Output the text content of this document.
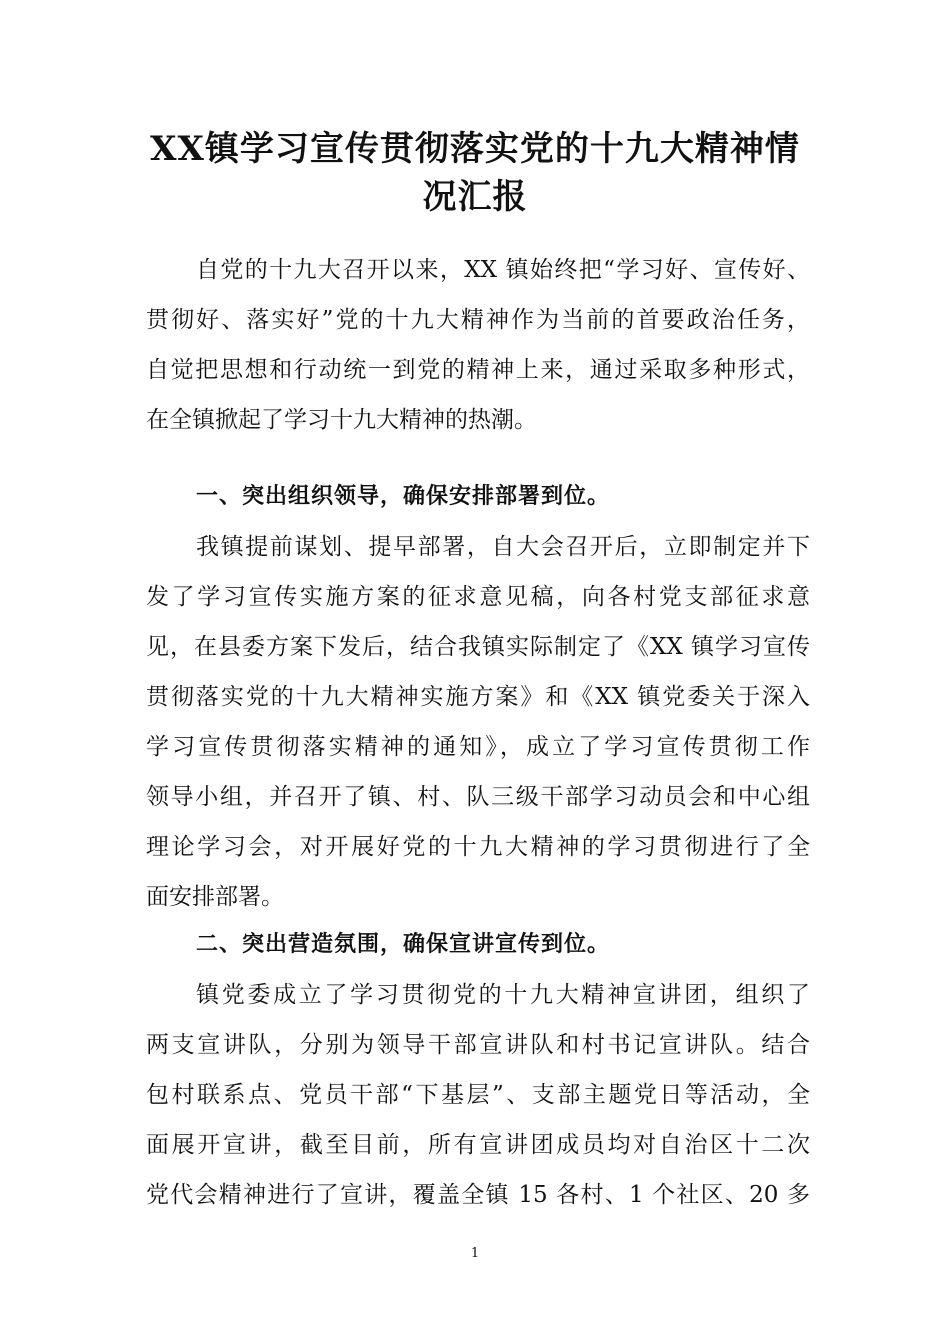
XX镇学习宣传贯彻落实党的十九大精神情
况汇报
自党的十九大召开以来，XX 镇始终把“学习好、宣传好、
贯彻好、落实好”党的十九大精神作为当前的首要政治任务，
自觉把思想和行动统一到党的精神上来，通过采取多种形式，
在全镇掀起了学习十九大精神的热潮。
一、突出组织领导，确保安排部署到位。
我镇提前谋划、提早部署，自大会召开后，立即制定并下
发了学习宣传实施方案的征求意见稿，向各村党支部征求意
见，在县委方案下发后，结合我镇实际制定了《XX 镇学习宣传
贯彻落实党的十九大精神实施方案》和《XX 镇党委关于深入
学习宣传贯彻落实精神的通知》，成立了学习宣传贯彻工作
领导小组，并召开了镇、村、队三级干部学习动员会和中心组
理论学习会，对开展好党的十九大精神的学习贯彻进行了全
面安排部署。
二、突出营造氛围，确保宣讲宣传到位。
镇党委成立了学习贯彻党的十九大精神宣讲团，组织了
两支宣讲队，分别为领导干部宣讲队和村书记宣讲队。结合
包村联系点、党员干部“下基层”、支部主题党日等活动，全
面展开宣讲，截至目前，所有宣讲团成员均对自治区十二次
党代会精神进行了宣讲，覆盖全镇 15 各村、1 个社区、20 多
1
